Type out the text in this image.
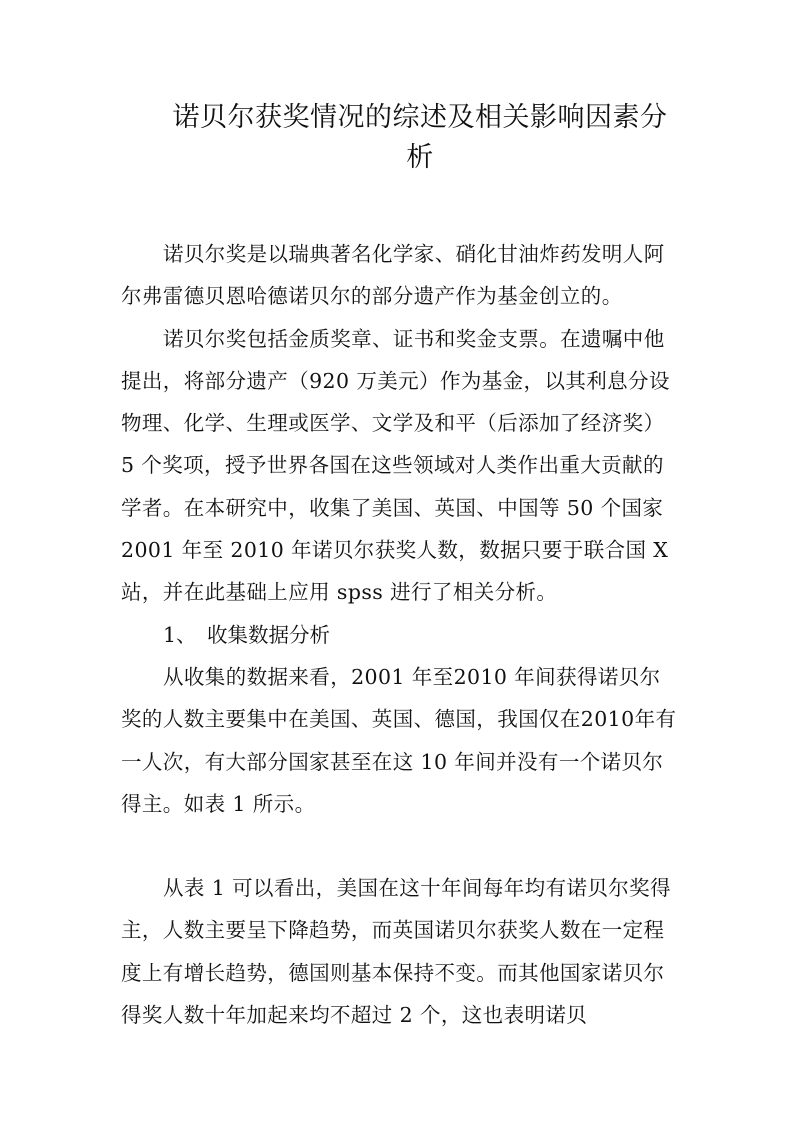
诺贝尔获奖情况的综述及相关影响因素分
析

诺贝尔奖是以瑞典著名化学家、硝化甘油炸药发明人阿尔弗雷德贝恩哈德诺贝尔的部分遗产作为基金创立的。

诺贝尔奖包括金质奖章、证书和奖金支票。在遗嘱中他提出，将部分遗产（920 万美元）作为基金，以其利息分设物理、化学、生理或医学、文学及和平（后添加了经济奖）5 个奖项，授予世界各国在这些领域对人类作出重大贡献的学者。在本研究中，收集了美国、英国、中国等 50 个国家 2001 年至 2010 年诺贝尔获奖人数，数据只要于联合国 X 站，并在此基础上应用 spss 进行了相关分析。

1、 收集数据分析

从收集的数据来看，2001 年至2010 年间获得诺贝尔奖的人数主要集中在美国、英国、德国，我国仅在2010年有一人次，有大部分国家甚至在这 10 年间并没有一个诺贝尔得主。如表 1 所示。

从表 1 可以看出，美国在这十年间每年均有诺贝尔奖得主，人数主要呈下降趋势，而英国诺贝尔获奖人数在一定程度上有增长趋势，德国则基本保持不变。而其他国家诺贝尔得奖人数十年加起来均不超过 2 个，这也表明诺贝
